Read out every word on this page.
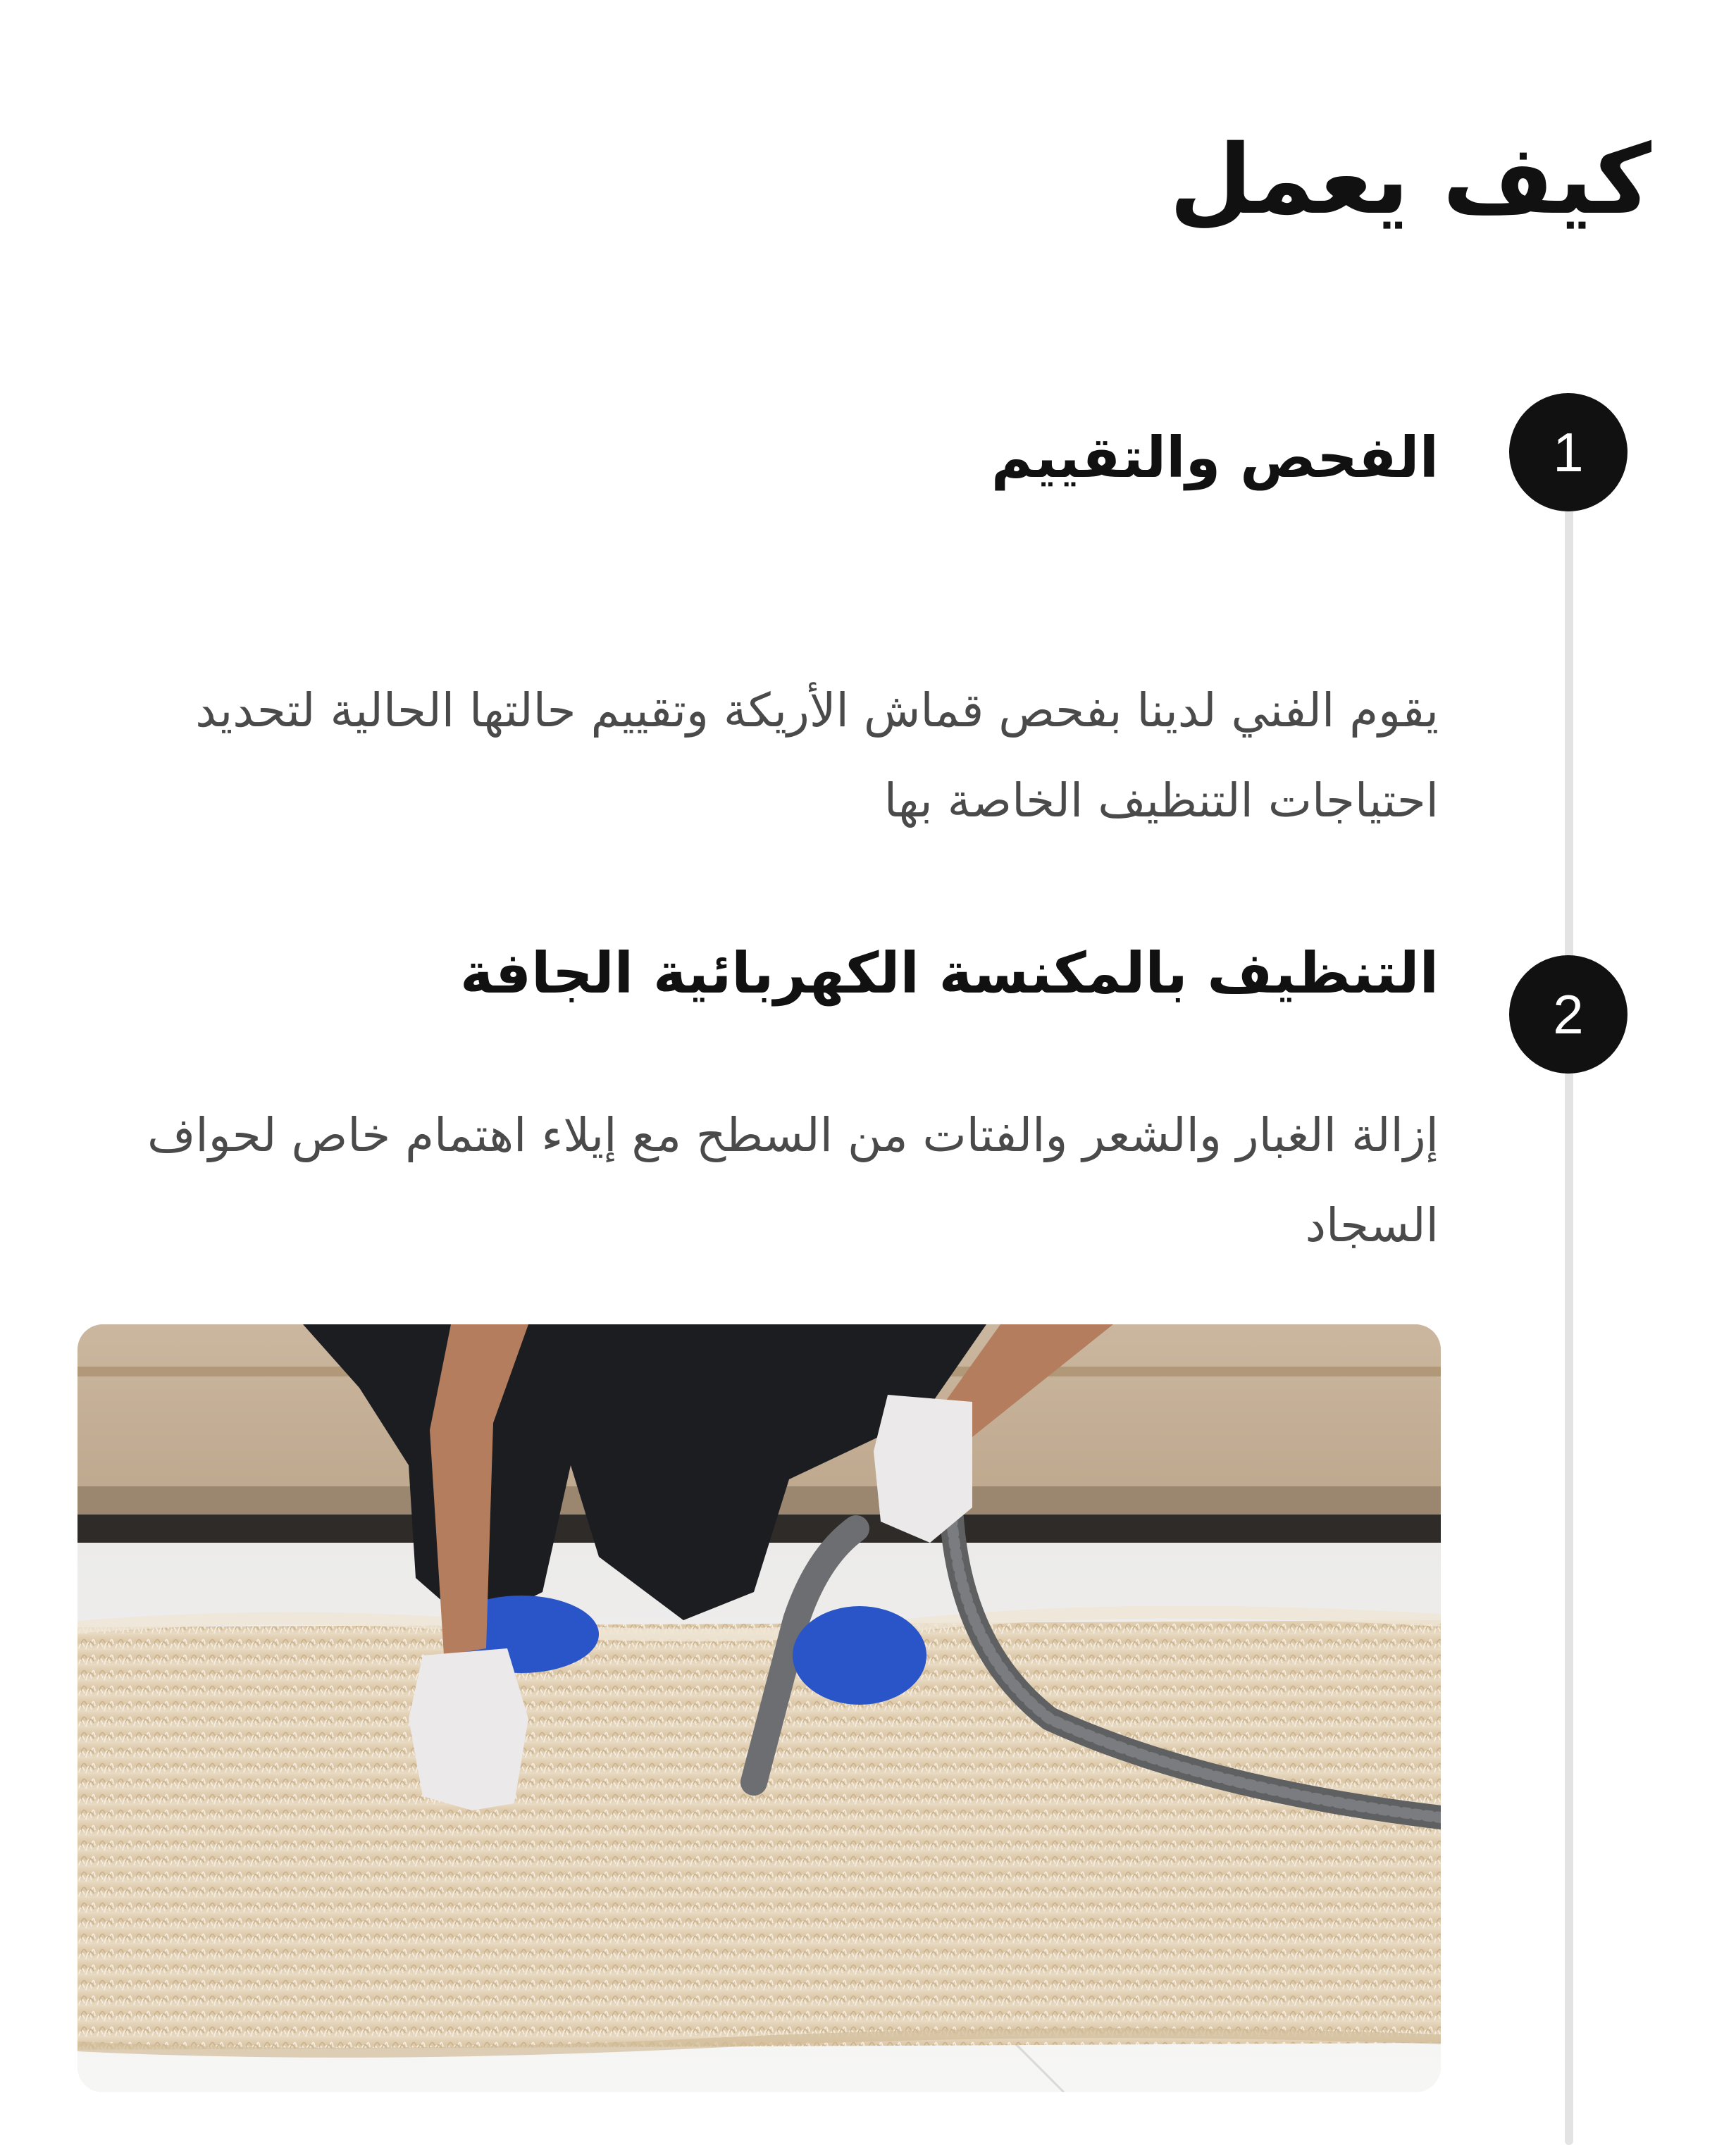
كيف يعمل
1
الفحص والتقييم

يقوم الفني لدينا بفحص قماش الأريكة وتقييم حالتها الحالية لتحديد احتياجات التنظيف الخاصة بها

2
التنظيف بالمكنسة الكهربائية الجافة

إزالة الغبار والشعر والفتات من السطح مع إيلاء اهتمام خاص لحواف السجاد
